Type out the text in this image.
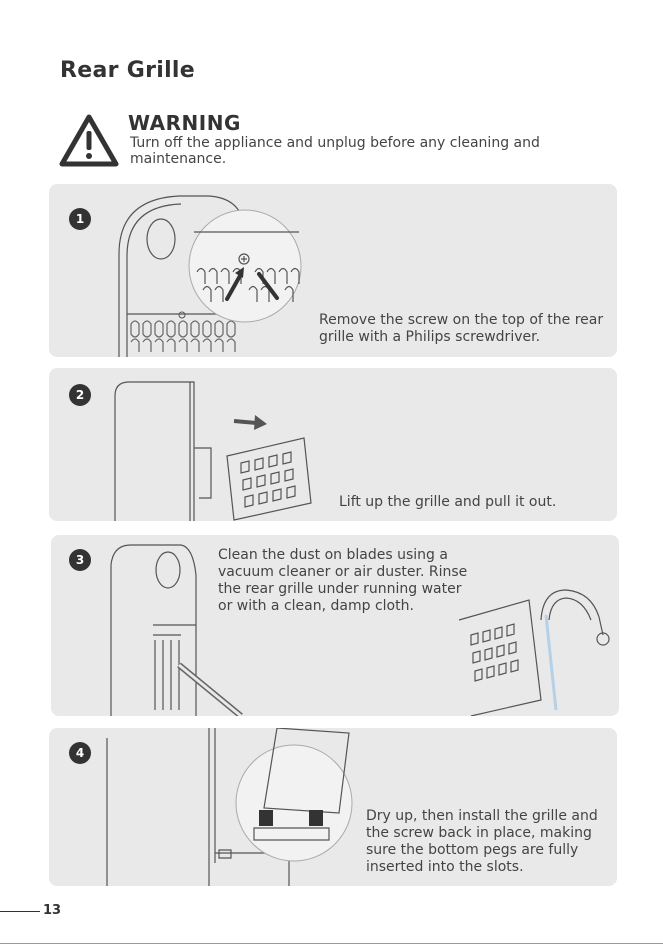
Rear Grille
WARNING
Turn off the appliance and unplug before any cleaning and maintenance.
1
Remove the screw on the top of the rear grille with a Philips screwdriver.
2
Lift up the grille and pull it out.
3	Clean the dust on blades using a vacuum cleaner or air duster. Rinse the rear grille under running water or with a clean, damp cloth.
4
Dry up, then install the grille and the screw back in place, making sure the bottom pegs are fully inserted into the slots.
13
